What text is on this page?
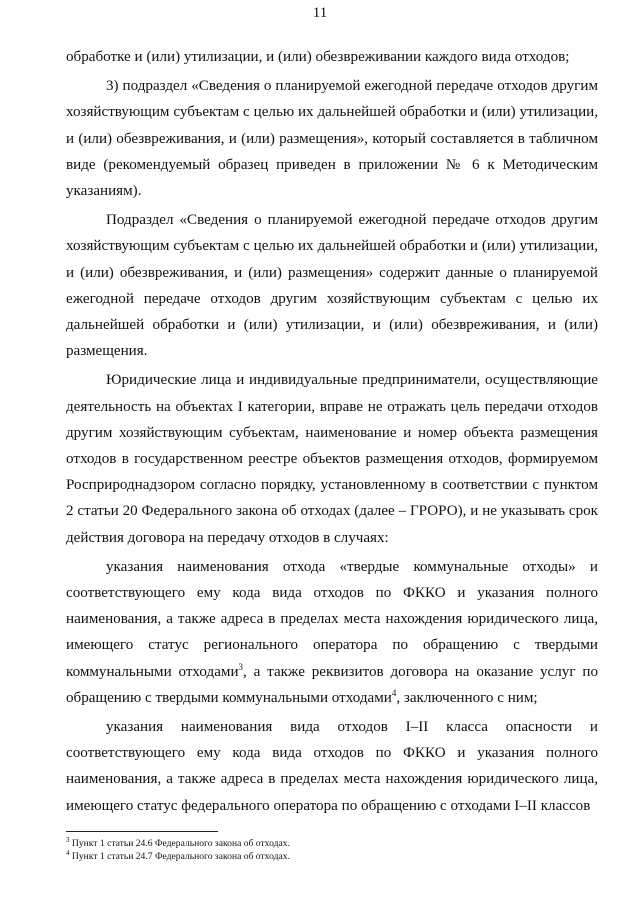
11

обработке и (или) утилизации, и (или) обезвреживании каждого вида отходов;

3) подраздел «Сведения о планируемой ежегодной передаче отходов другим хозяйствующим субъектам с целью их дальнейшей обработки и (или) утилизации, и (или) обезвреживания, и (или) размещения», который составляется в табличном виде (рекомендуемый образец приведен в приложении № 6 к Методическим указаниям).

Подраздел «Сведения о планируемой ежегодной передаче отходов другим хозяйствующим субъектам с целью их дальнейшей обработки и (или) утилизации, и (или) обезвреживания, и (или) размещения» содержит данные о планируемой ежегодной передаче отходов другим хозяйствующим субъектам с целью их дальнейшей обработки и (или) утилизации, и (или) обезвреживания, и (или) размещения.

Юридические лица и индивидуальные предприниматели, осуществляющие деятельность на объектах I категории, вправе не отражать цель передачи отходов другим хозяйствующим субъектам, наименование и номер объекта размещения отходов в государственном реестре объектов размещения отходов, формируемом Росприроднадзором согласно порядку, установленному в соответствии с пунктом 2 статьи 20 Федерального закона об отходах (далее – ГРОРО), и не указывать срок действия договора на передачу отходов в случаях:

указания наименования отхода «твердые коммунальные отходы» и соответствующего ему кода вида отходов по ФККО и указания полного наименования, а также адреса в пределах места нахождения юридического лица, имеющего статус регионального оператора по обращению с твердыми коммунальными отходами$^3$, а также реквизитов договора на оказание услуг по обращению с твердыми коммунальными отходами$^4$, заключенного с ним;

указания наименования вида отходов I–II класса опасности и соответствующего ему кода вида отходов по ФККО и указания полного наименования, а также адреса в пределах места нахождения юридического лица, имеющего статус федерального оператора по обращению с отходами I–II классов

$^3$ Пункт 1 статьи 24.6 Федерального закона об отходах.
$^4$ Пункт 1 статьи 24.7 Федерального закона об отходах.
